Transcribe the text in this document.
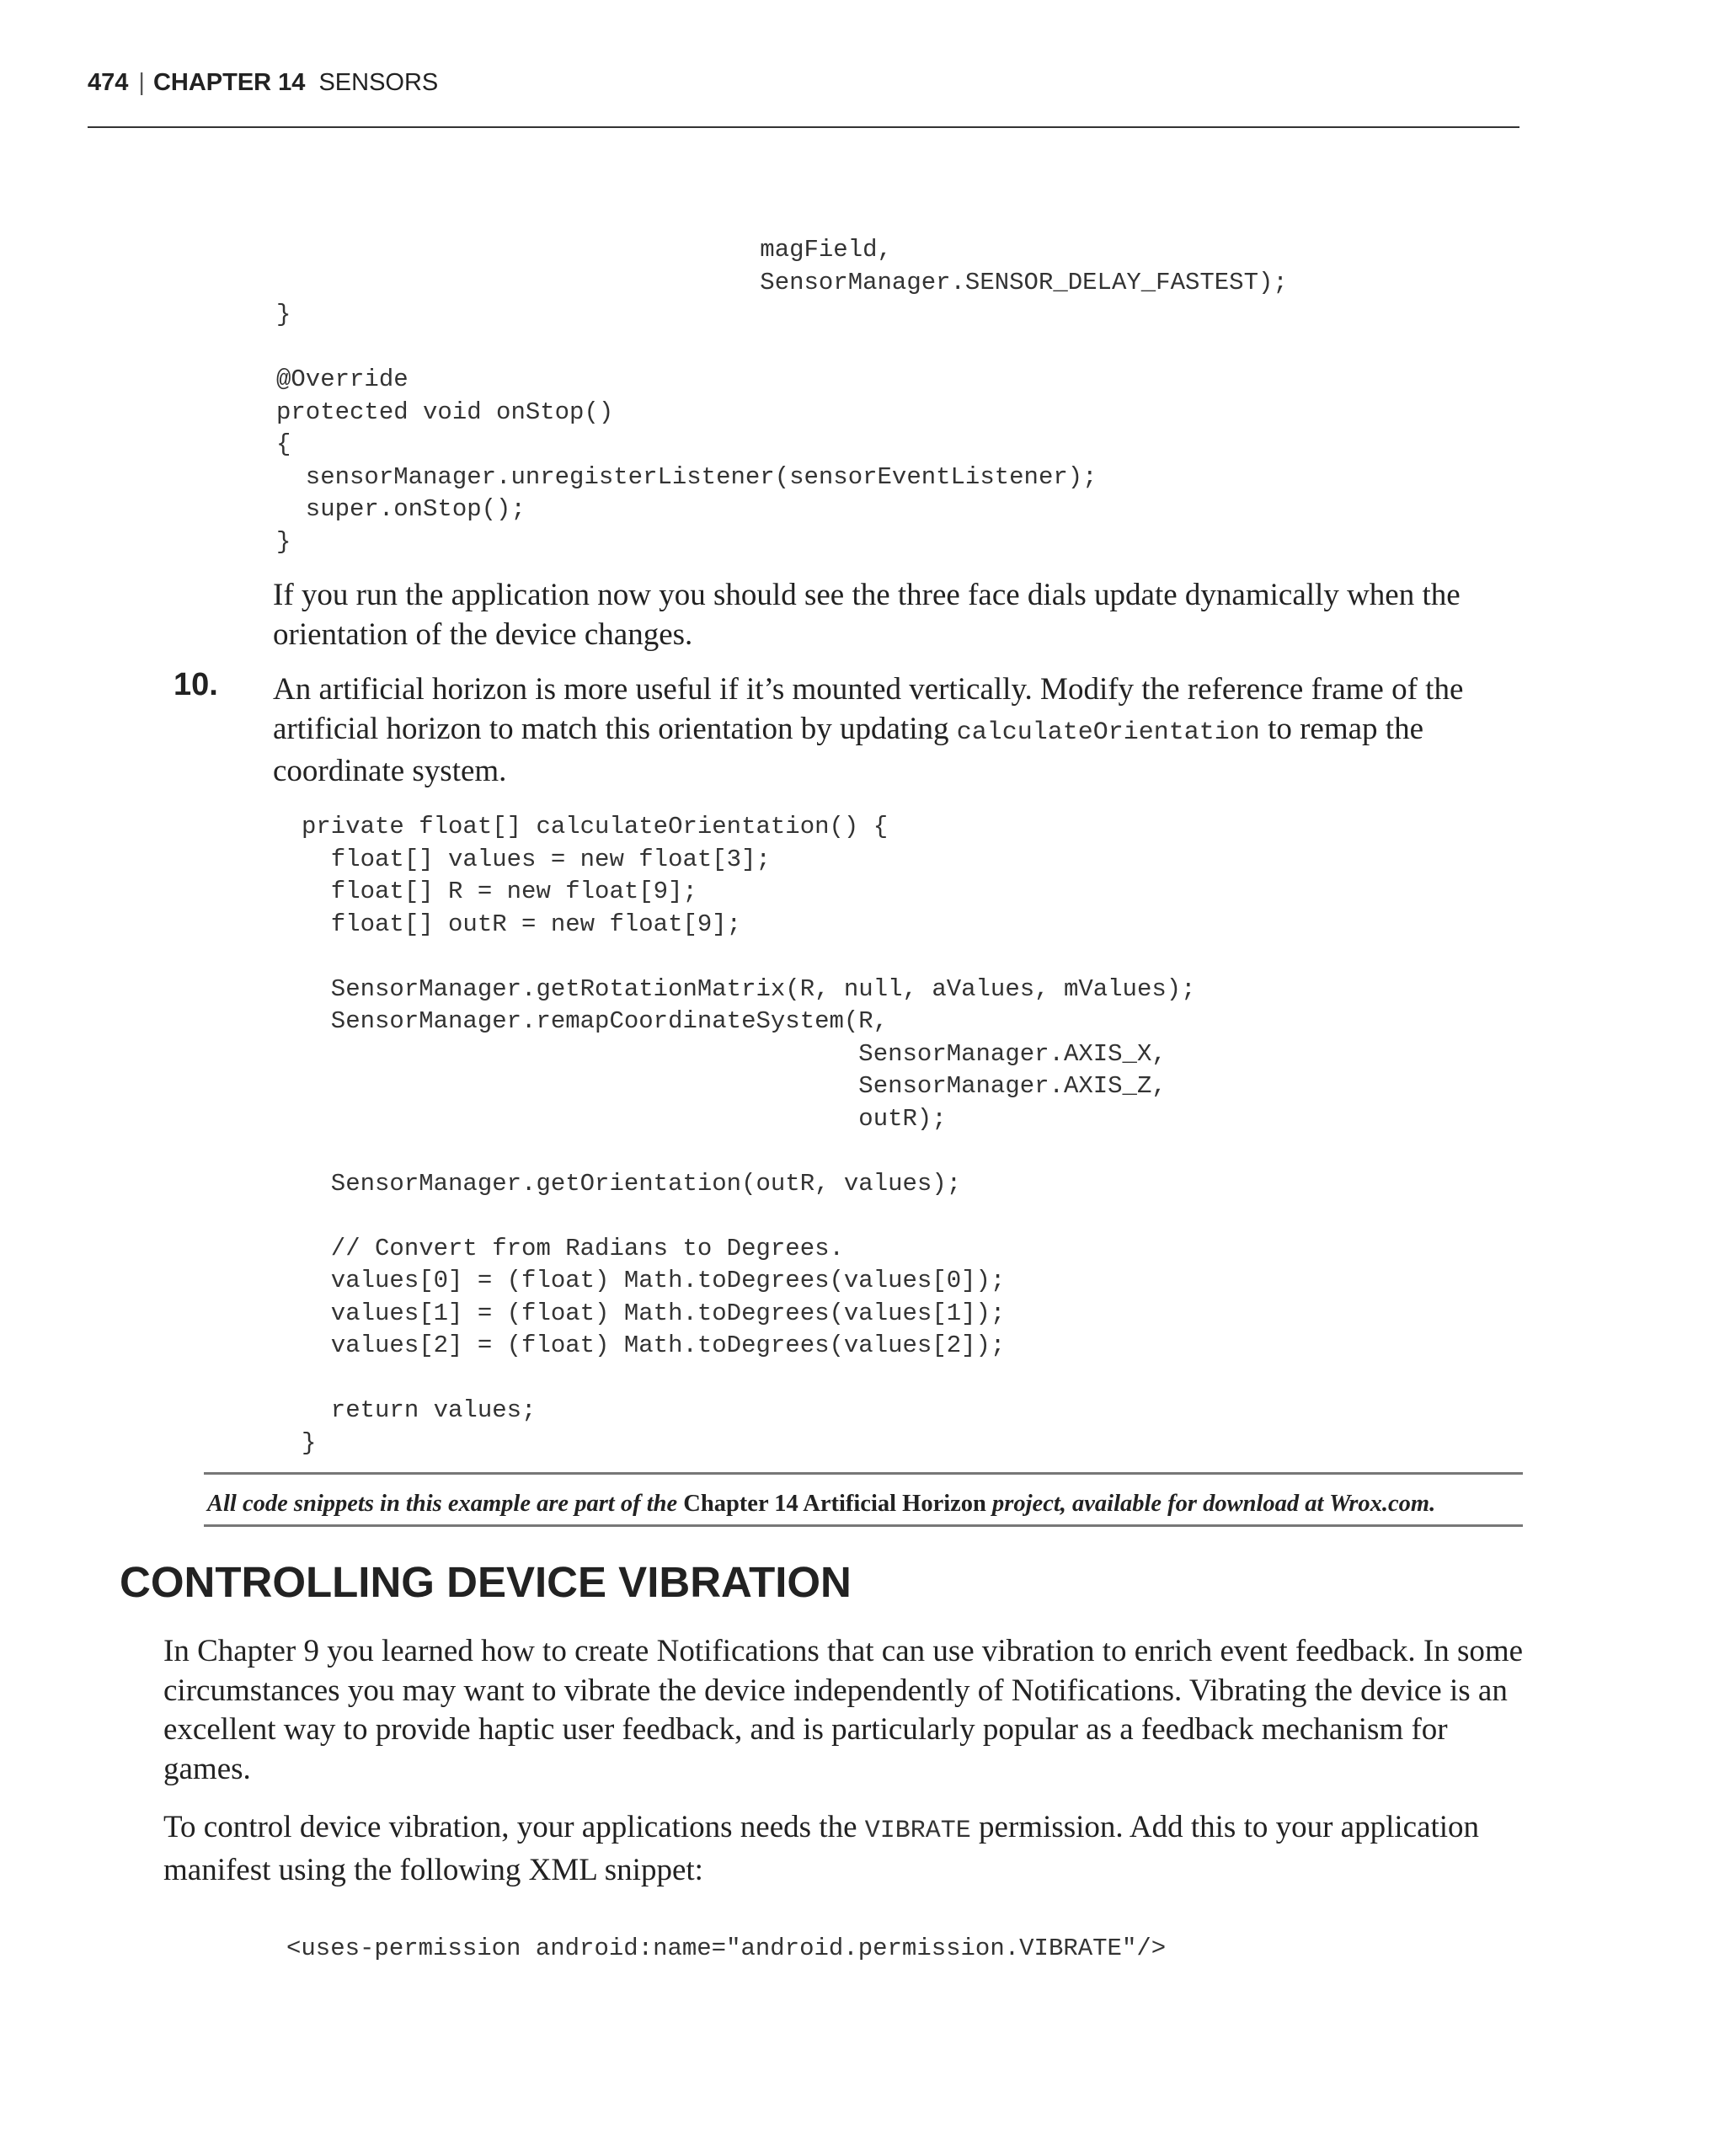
474 | CHAPTER 14 SENSORS
magField,
SensorManager.SENSOR_DELAY_FASTEST);
}

@Override
protected void onStop()
{
sensorManager.unregisterListener(sensorEventListener);
super.onStop();
}

If you run the application now you should see the three face dials update dynamically when the orientation of the device changes.

10. An artificial horizon is more useful if it’s mounted vertically. Modify the reference frame of the artificial horizon to match this orientation by updating calculateOrientation to remap the coordinate system.

private float[] calculateOrientation() {
float[] values = new float[3];
float[] R = new float[9];
float[] outR = new float[9];

SensorManager.getRotationMatrix(R, null, aValues, mValues);
SensorManager.remapCoordinateSystem(R,
SensorManager.AXIS_X,
SensorManager.AXIS_Z,
outR);

SensorManager.getOrientation(outR, values);

// Convert from Radians to Degrees.
values[0] = (float) Math.toDegrees(values[0]);
values[1] = (float) Math.toDegrees(values[1]);
values[2] = (float) Math.toDegrees(values[2]);

return values;
}
All code snippets in this example are part of the Chapter 14 Artificial Horizon project, available for download at Wrox.com.
CONTROLLING DEVICE VIBRATION

In Chapter 9 you learned how to create Notifications that can use vibration to enrich event feedback. In some circumstances you may want to vibrate the device independently of Notifications. Vibrating the device is an excellent way to provide haptic user feedback, and is particularly popular as a feedback mechanism for games.

To control device vibration, your applications needs the VIBRATE permission. Add this to your application manifest using the following XML snippet:

<uses-permission android:name="android.permission.VIBRATE"/>
